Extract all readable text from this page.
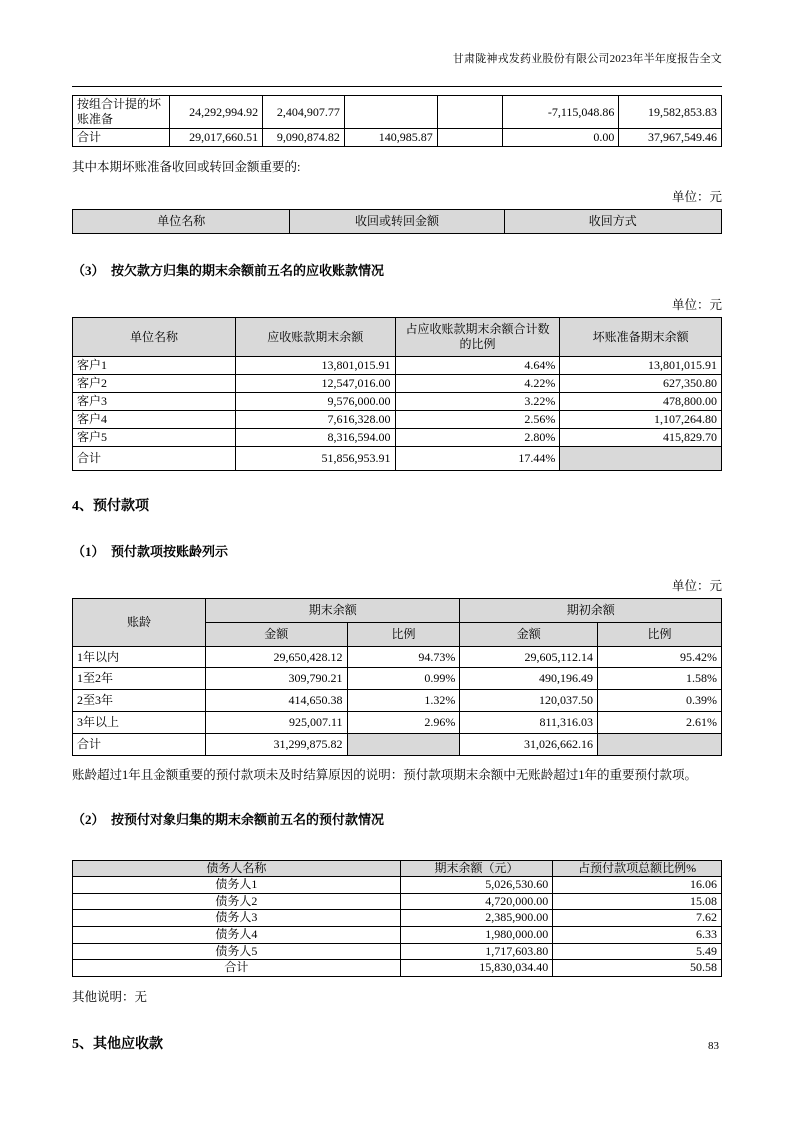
甘肃陇神戎发药业股份有限公司2023年半年度报告全文
按组合计提的坏账准备	24,292,994.92	2,404,907.77			-7,115,048.86	19,582,853.83
合计	29,017,660.51	9,090,874.82	140,985.87		0.00	37,967,549.46
其中本期坏账准备收回或转回金额重要的:
单位：元
单位名称	收回或转回金额	收回方式
（3）　按欠款方归集的期末余额前五名的应收账款情况
单位：元
单位名称	应收账款期末余额	占应收账款期末余额合计数的比例	坏账准备期末余额
客户1	13,801,015.91	4.64%	13,801,015.91
客户2	12,547,016.00	4.22%	627,350.80
客户3	9,576,000.00	3.22%	478,800.00
客户4	7,616,328.00	2.56%	1,107,264.80
客户5	8,316,594.00	2.80%	415,829.70
合计	51,856,953.91	17.44%	
4、预付款项
（1）　预付款项按账龄列示
单位：元
账龄	期末余额		期初余额	
	金额	比例	金额	比例
1年以内	29,650,428.12	94.73%	29,605,112.14	95.42%
1至2年	309,790.21	0.99%	490,196.49	1.58%
2至3年	414,650.38	1.32%	120,037.50	0.39%
3年以上	925,007.11	2.96%	811,316.03	2.61%
合计	31,299,875.82		31,026,662.16	
账龄超过1年且金额重要的预付款项未及时结算原因的说明：预付款项期末余额中无账龄超过1年的重要预付款项。
（2）　按预付对象归集的期末余额前五名的预付款情况
债务人名称	期末余额（元）	占预付款项总额比例%
债务人1	5,026,530.60	16.06
债务人2	4,720,000.00	15.08
债务人3	2,385,900.00	7.62
债务人4	1,980,000.00	6.33
债务人5	1,717,603.80	5.49
合计	15,830,034.40	50.58
其他说明：无
5、其他应收款	83
